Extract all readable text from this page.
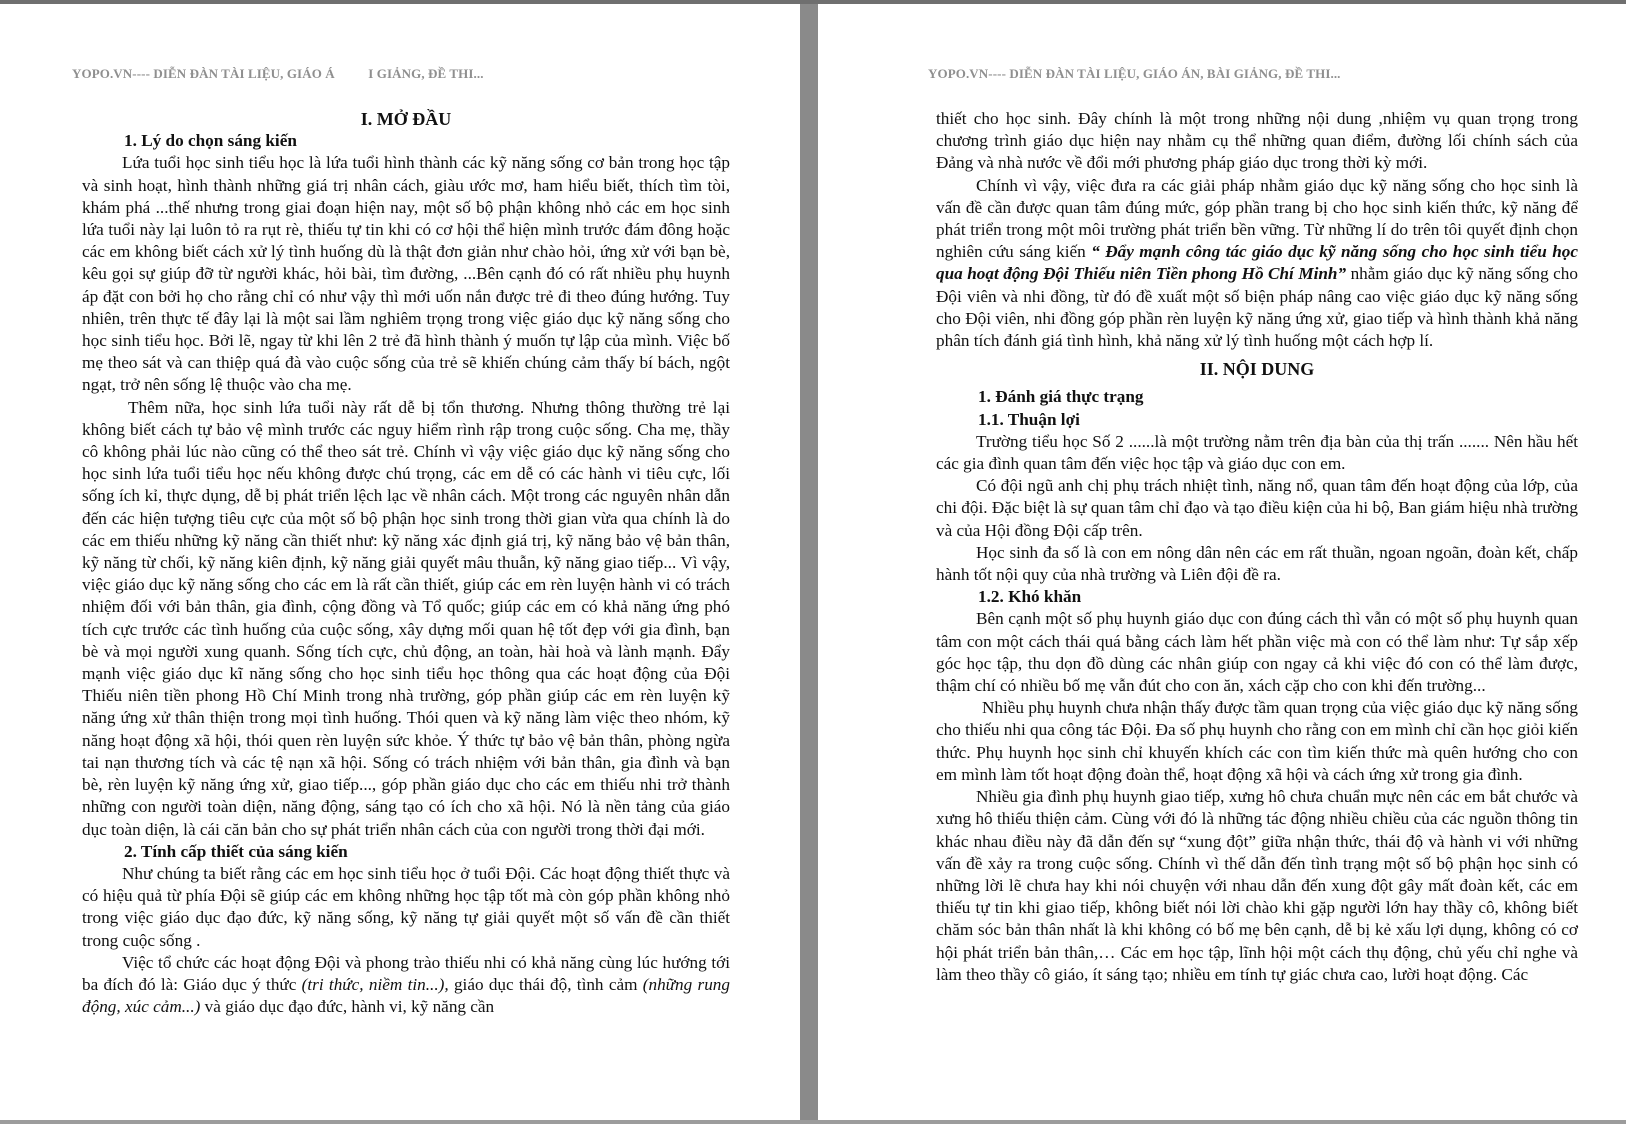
YOPO.VN---- DIỄN ĐÀN TÀI LIỆU, GIÁO Á          I GIẢNG, ĐỀ THI...

I. MỞ ĐẦU

1. Lý do chọn sáng kiến

Lứa tuổi học sinh tiểu học là lứa tuổi hình thành các kỹ năng sống cơ bản trong học tập và sinh hoạt, hình thành những giá trị nhân cách, giàu ước mơ, ham hiểu biết, thích tìm tòi, khám phá ...thế nhưng trong giai đoạn hiện nay, một số bộ phận không nhỏ các em học sinh lứa tuổi này lại luôn tỏ ra rụt rè, thiếu tự tin khi có cơ hội thể hiện mình trước đám đông hoặc các em không biết cách xử lý tình huống dù là thật đơn giản như chào hỏi, ứng xử với bạn bè, kêu gọi sự giúp đỡ từ người khác, hỏi bài, tìm đường, ...Bên cạnh đó có rất nhiều phụ huynh áp đặt con bởi họ cho rằng chỉ có như vậy thì mới uốn nắn được trẻ đi theo đúng hướng. Tuy nhiên, trên thực tế đây lại là một sai lầm nghiêm trọng trong việc giáo dục kỹ năng sống cho học sinh tiểu học. Bởi lẽ, ngay từ khi lên 2 trẻ đã hình thành ý muốn tự lập của mình. Việc bố mẹ theo sát và can thiệp quá đà vào cuộc sống của trẻ sẽ khiến chúng cảm thấy bí bách, ngột ngạt, trở nên sống lệ thuộc vào cha mẹ.

Thêm nữa, học sinh lứa tuổi này rất dễ bị tổn thương. Nhưng thông thường trẻ lại không biết cách tự bảo vệ mình trước các nguy hiểm rình rập trong cuộc sống. Cha mẹ, thầy cô không phải lúc nào cũng có thể theo sát trẻ. Chính vì vậy việc giáo dục kỹ năng sống cho học sinh lứa tuổi tiểu học nếu không được chú trọng, các em dễ có các hành vi tiêu cực, lối sống ích kỉ, thực dụng, dễ bị phát triển lệch lạc về nhân cách. Một trong các nguyên nhân dẫn đến các hiện tượng tiêu cực của một số bộ phận học sinh trong thời gian vừa qua chính là do các em thiếu những kỹ năng cần thiết như: kỹ năng xác định giá trị, kỹ năng bảo vệ bản thân, kỹ năng từ chối, kỹ năng kiên định, kỹ năng giải quyết mâu thuẫn, kỹ năng giao tiếp... Vì vậy, việc giáo dục kỹ năng sống cho các em là rất cần thiết, giúp các em rèn luyện hành vi có trách nhiệm đối với bản thân, gia đình, cộng đồng và Tổ quốc; giúp các em có khả năng ứng phó tích cực trước các tình huống của cuộc sống, xây dựng mối quan hệ tốt đẹp với gia đình, bạn bè và mọi người xung quanh. Sống tích cực, chủ động, an toàn, hài hoà và lành mạnh. Đẩy mạnh việc giáo dục kĩ năng sống cho học sinh tiểu học thông qua các hoạt động của Đội Thiếu niên tiền phong Hồ Chí Minh trong nhà trường, góp phần giúp các em rèn luyện kỹ năng ứng xử thân thiện trong mọi tình huống. Thói quen và kỹ năng làm việc theo nhóm, kỹ năng hoạt động xã hội, thói quen rèn luyện sức khỏe. Ý thức tự bảo vệ bản thân, phòng ngừa tai nạn thương tích và các tệ nạn xã hội. Sống có trách nhiệm với bản thân, gia đình và bạn bè, rèn luyện kỹ năng ứng xử, giao tiếp..., góp phần giáo dục cho các em thiếu nhi trở thành những con người toàn diện, năng động, sáng tạo có ích cho xã hội. Nó là nền tảng của giáo dục toàn diện, là cái căn bản cho sự phát triển nhân cách của con người trong thời đại mới.

2. Tính cấp thiết của sáng kiến

Như chúng ta biết rằng các em học sinh tiểu học ở tuổi Đội. Các hoạt động thiết thực và có hiệu quả từ phía Đội sẽ giúp các em không những học tập tốt mà còn góp phần không nhỏ trong việc giáo dục đạo đức, kỹ năng sống, kỹ năng tự giải quyết một số vấn đề cần thiết trong cuộc sống .

Việc tổ chức các hoạt động Đội và phong trào thiếu nhi có khả năng cùng lúc hướng tới ba đích đó là: Giáo dục ý thức (tri thức, niềm tin...), giáo dục thái độ, tình cảm (những rung động, xúc cảm...) và giáo dục đạo đức, hành vi, kỹ năng cần

YOPO.VN---- DIỄN ĐÀN TÀI LIỆU, GIÁO ÁN, BÀI GIẢNG, ĐỀ THI...

thiết cho học sinh. Đây chính là một trong những nội dung ,nhiệm vụ quan trọng trong chương trình giáo dục hiện nay nhằm cụ thể những quan điểm, đường lối chính sách của Đảng và nhà nước về đổi mới phương pháp giáo dục trong thời kỳ mới.

Chính vì vậy, việc đưa ra các giải pháp nhằm giáo dục kỹ năng sống cho học sinh là vấn đề cần được quan tâm đúng mức, góp phần trang bị cho học sinh kiến thức, kỹ năng để phát triển trong một môi trường phát triển bền vững. Từ những lí do trên tôi quyết định chọn nghiên cứu sáng kiến “ Đẩy mạnh công tác giáo dục kỹ năng sống cho học sinh tiểu học qua hoạt động Đội Thiếu niên Tiền phong Hồ Chí Minh” nhằm giáo dục kỹ năng sống cho Đội viên và nhi đồng, từ đó đề xuất một số biện pháp nâng cao việc giáo dục kỹ năng sống cho Đội viên, nhi đồng góp phần rèn luyện kỹ năng ứng xử, giao tiếp và hình thành khả năng phân tích đánh giá tình hình, khả năng xử lý tình huống một cách hợp lí.

II. NỘI DUNG

1. Đánh giá thực trạng

1.1. Thuận lợi

Trường tiểu học Số 2 ......là một trường nằm trên địa bàn của thị trấn ....... Nên hầu hết các gia đình quan tâm đến việc học tập và giáo dục con em.

Có đội ngũ anh chị phụ trách nhiệt tình, năng nổ, quan tâm đến hoạt động của lớp, của chi đội. Đặc biệt là sự quan tâm chỉ đạo và tạo điều kiện của hi bộ, Ban giám hiệu nhà trường và của Hội đồng Đội cấp trên.

Học sinh đa số là con em nông dân nên các em rất thuần, ngoan ngoãn, đoàn kết, chấp hành tốt nội quy của nhà trường và Liên đội đề ra.

1.2. Khó khăn

Bên cạnh một số phụ huynh giáo dục con đúng cách thì vẫn có một số phụ huynh quan tâm con một cách thái quá bằng cách làm hết phần việc mà con có thể làm như: Tự sắp xếp góc học tập, thu dọn đồ dùng các nhân giúp con ngay cả khi việc đó con có thể làm được, thậm chí có nhiều bố mẹ vẫn đút cho con ăn, xách cặp cho con khi đến trường...

Nhiều phụ huynh chưa nhận thấy được tầm quan trọng của việc giáo dục kỹ năng sống cho thiếu nhi qua công tác Đội. Đa số phụ huynh cho rằng con em mình chỉ cần học giỏi kiến thức. Phụ huynh học sinh chỉ khuyến khích các con tìm kiến thức mà quên hướng cho con em mình làm tốt hoạt động đoàn thể, hoạt động xã hội và cách ứng xử trong gia đình.

Nhiều gia đình phụ huynh giao tiếp, xưng hô chưa chuẩn mực nên các em bắt chước và xưng hô thiếu thiện cảm. Cùng với đó là những tác động nhiều chiều của các nguồn thông tin khác nhau điều này đã dẫn đến sự “xung đột” giữa nhận thức, thái độ và hành vi với những vấn đề xảy ra trong cuộc sống. Chính vì thế dẫn đến tình trạng một số bộ phận học sinh có những lời lẽ chưa hay khi nói chuyện với nhau dẫn đến xung đột gây mất đoàn kết, các em thiếu tự tin khi giao tiếp, không biết nói lời chào khi gặp người lớn hay thầy cô, không biết chăm sóc bản thân nhất là khi không có bố mẹ bên cạnh, dễ bị kẻ xấu lợi dụng, không có cơ hội phát triển bản thân,… Các em học tập, lĩnh hội một cách thụ động, chủ yếu chỉ nghe và làm theo thầy cô giáo, ít sáng tạo; nhiều em tính tự giác chưa cao, lười hoạt động. Các
